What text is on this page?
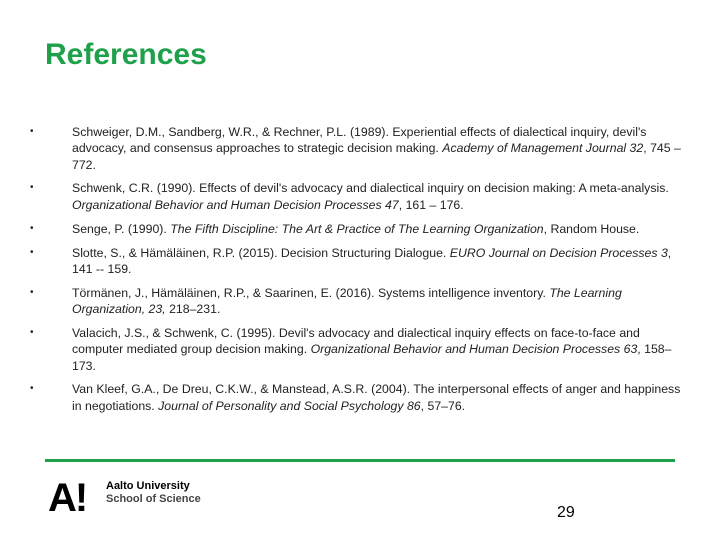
References
•	Schweiger, D.M., Sandberg, W.R., & Rechner, P.L. (1989). Experiential effects of dialectical inquiry, devil's advocacy, and consensus approaches to strategic decision making. Academy of Management Journal 32, 745 – 772.
•	Schwenk, C.R. (1990). Effects of devil's advocacy and dialectical inquiry on decision making: A meta-analysis. Organizational Behavior and Human Decision Processes 47, 161 – 176.
•	Senge, P. (1990). The Fifth Discipline: The Art & Practice of The Learning Organization, Random House.
•	Slotte, S., & Hämäläinen, R.P. (2015). Decision Structuring Dialogue. EURO Journal on Decision Processes 3, 141 -- 159.
•	Törmänen, J., Hämäläinen, R.P., & Saarinen, E. (2016). Systems intelligence inventory. The Learning Organization, 23, 218–231.
•	Valacich, J.S., & Schwenk, C. (1995). Devil's advocacy and dialectical inquiry effects on face-to-face and computer mediated group decision making. Organizational Behavior and Human Decision Processes 63, 158–173.
•	Van Kleef, G.A., De Dreu, C.K.W., & Manstead, A.S.R. (2004). The interpersonal effects of anger and happiness in negotiations. Journal of Personality and Social Psychology 86, 57–76.
A! Aalto University
School of Science
29
